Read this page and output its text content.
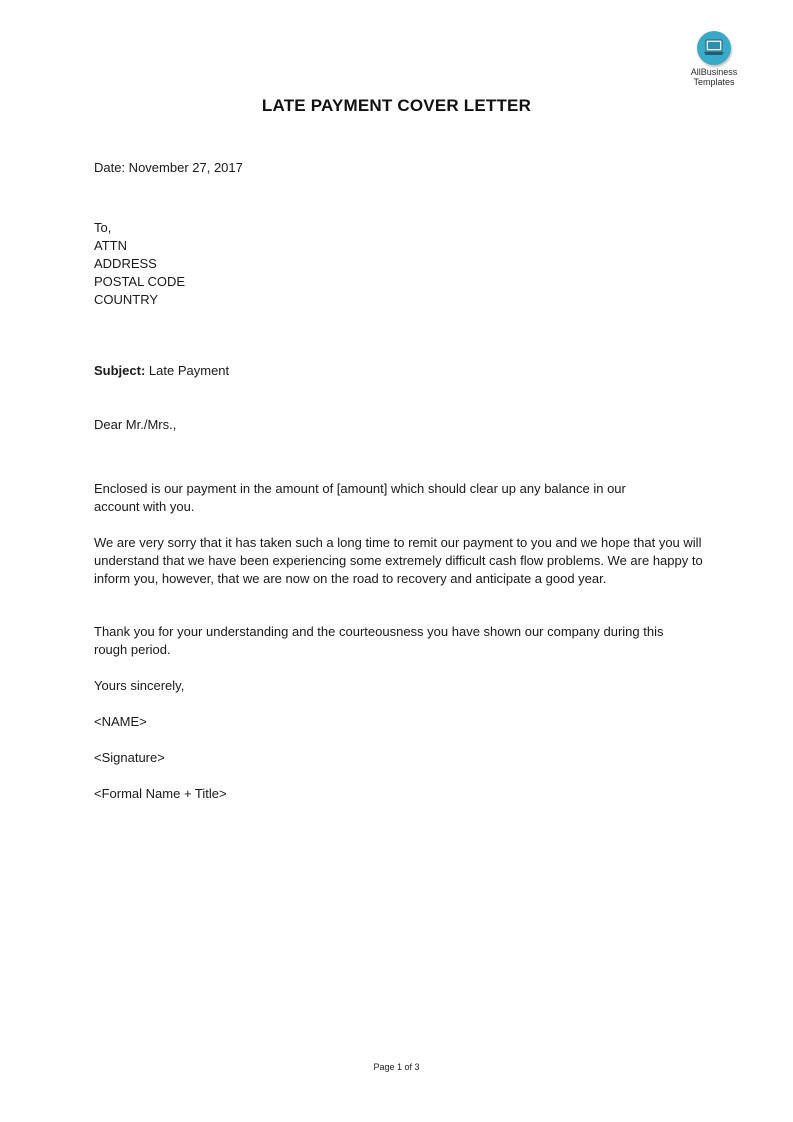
AllBusiness
Templates
LATE PAYMENT COVER LETTER
Date: November 27, 2017
To,
ATTN
ADDRESS
POSTAL CODE
COUNTRY
Subject: Late Payment
Dear Mr./Mrs.,
Enclosed is our payment in the amount of [amount] which should clear up any balance in our account with you.
We are very sorry that it has taken such a long time to remit our payment to you and we hope that you will understand that we have been experiencing some extremely difficult cash flow problems. We are happy to inform you, however, that we are now on the road to recovery and anticipate a good year.
Thank you for your understanding and the courteousness you have shown our company during this rough period.
Yours sincerely,
<NAME>
<Signature>
<Formal Name + Title>
Page 1 of 3
